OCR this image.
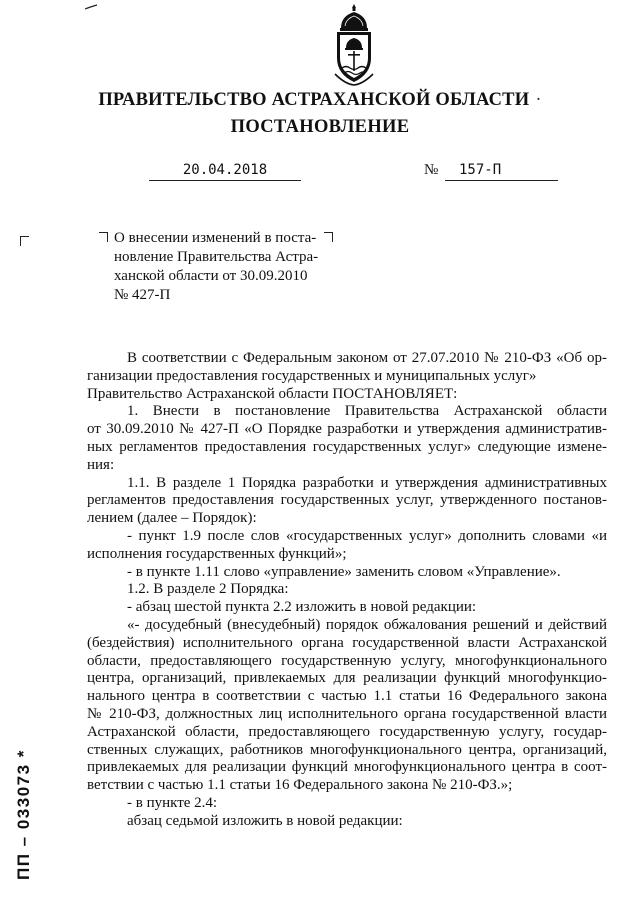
ПРАВИТЕЛЬСТВО АСТРАХАНСКОЙ ОБЛАСТИ ·
ПОСТАНОВЛЕНИЕ
20.04.2018	№	157-П
О внесении изменений в поста-
новление Правительства Астра-
ханской области от 30.09.2010
№ 427-П
В соответствии с Федеральным законом от 27.07.2010 № 210-ФЗ «Об ор-
ганизации предоставления государственных и муниципальных услуг»
Правительство Астраханской области ПОСТАНОВЛЯЕТ:
1. Внести в постановление Правительства Астраханской области
от 30.09.2010 № 427-П «О Порядке разработки и утверждения административ-
ных регламентов предоставления государственных услуг» следующие измене-
ния:
1.1. В разделе 1 Порядка разработки и утверждения административных
регламентов предоставления государственных услуг, утвержденного постанов-
лением (далее – Порядок):
- пункт 1.9 после слов «государственных услуг» дополнить словами «и
исполнения государственных функций»;
- в пункте 1.11 слово «управление» заменить словом «Управление».
1.2. В разделе 2 Порядка:
- абзац шестой пункта 2.2 изложить в новой редакции:
«- досудебный (внесудебный) порядок обжалования решений и действий
(бездействия) исполнительного органа государственной власти Астраханской
области, предоставляющего государственную услугу, многофункционального
центра, организаций, привлекаемых для реализации функций многофункцио-
нального центра в соответствии с частью 1.1 статьи 16 Федерального закона
№ 210-ФЗ, должностных лиц исполнительного органа государственной власти
Астраханской области, предоставляющего государственную услугу, государ-
ственных служащих, работников многофункционального центра, организаций,
привлекаемых для реализации функций многофункционального центра в соот-
ветствии с частью 1.1 статьи 16 Федерального закона № 210-ФЗ.»;
- в пункте 2.4:
абзац седьмой изложить в новой редакции:
ПП – 033073 *
